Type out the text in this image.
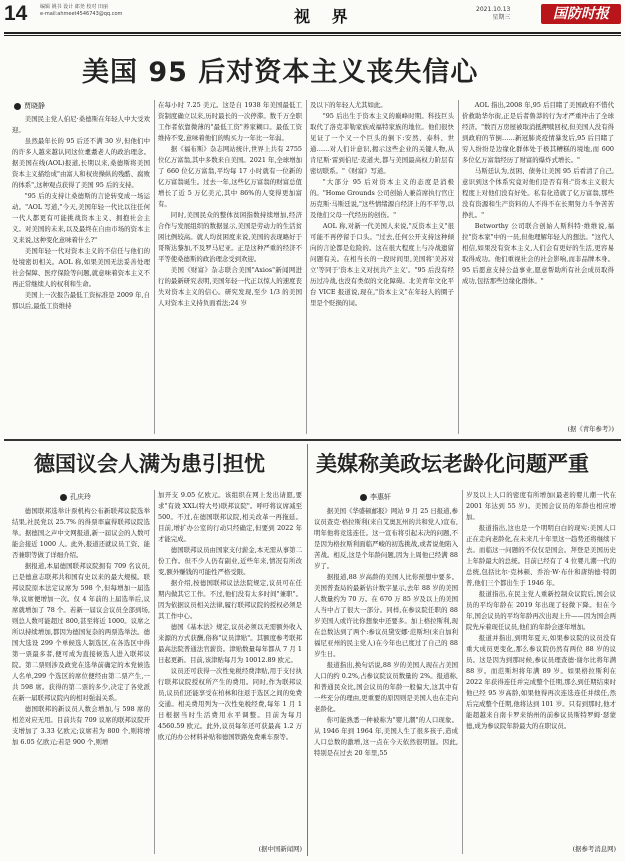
14	编辑 姚书 设计 郎尧 校对 田丽
e-mail:ahmeet4546743@qq.com	视 界	2021.10.13
星期三	国防时报
美国 95 后对资本主义丧失信心
贾晓静

美国民主党人伯尼·桑德斯在年轻人中大受欢迎。

虽然最年长的 95 后还不满 30 岁,但他们中的许多人越来越认同这位耄耋老人的政治理念。据美国在线(AOL)报道,长期以来,桑德斯将美国资本主义描绘成"由富人和权贵操纵的残酷、腐败的体系",这种观点获得了美国 95 后的支持。

"95 后的支持让桑德斯的言论转变成一场运动。"AOL 写道,"今天,美国年轻一代比以往任何一代人都更有可能挑战资本主义、拥抱社会主义。对美国的未来,以及最终在自由市场的资本主义来说,这种变化意味着什么?"

美国年轻一代对资本主义的不信任与他们的处境密切相关。AOL 称,如果美国无法妥善处理社会保障、医疗保险等问题,就意味着资本主义不再正常继续人的权利和生命。

美国上一次报告最低工资标准是 2009 年,自那以后,最低工资维持

在每小时 7.25 美元。这是自 1938 年美国最低工资制度确立以来,历时最长的一次停滞。数千万全职工作者依靠微薄的"最低工资"养家糊口。最低工资维持不变,意味着他们的购买力一年比一年弱。

据《福布斯》杂志网站统计,世界上共有 2755 位亿万富翁,其中多数来自美国。2021 年,全球增加了 660 位亿万富翁,平均每 17 小时就有一位新的亿万富翁诞生。过去一年,这些亿万富翁的财富总值增长了近 5 万亿美元,其中 86%的人变得更加富有。

同时,美国民众的整体贫困指数持续增加,经济合作与发展组织的数据显示,美国是劳动力的生活贫困比例较高。就人均贫困度来说,美国的表现略好于哥斯达黎加,不及罗马尼亚。正是这种严重的经济不平等使桑德斯的政治理念受到欢迎。

美国《财富》杂志联合美国"Axios"新闻网进行的最新研究表明,美国年轻一代正以惊人的速度丧失对资本主义的信心。研究发现,至少 1/3 的美国人对资本主义持负面看法;24 岁

及以下的年轻人尤其如此。

"95 后出生于资本主义的巅峰时期。科技巨头取代了洛克菲勒家族成福特家族的地位。他们很快见证了一个又一个巨头的倒下:安然、泰科、世通……对人们计意识,揭示这些企业的关键人物,从肯尼斯·雷到伯尼·麦道夫,都与美国最高权力阶层有密切联系。"《财富》写道。

"大部分 95 后对资本主义的态度是消极的。"Home Grounds 公司创始人兼首席执行官庄历克斯·马斯廷说,"这些情绪源自经济上的不平等,以及他们父母一代经历的创伤。"

AOL 称,对新一代美国人来说,"反资本主义"很可能不再停留于口头。"过去,任何公开支持这种倾向的言论都是危险的。这在很大程度上与冷战遗留问题有关。在相当长的一段时间里,美国将'美苏对立'等同于'资本主义对抗共产主义'。"95 后没有经历过冷战,也没有类似的文化障碍。北美青年文化平台 VICE 报道说,现在,"资本主义"在年轻人的圈子里是个贬损的词。

AOL 指出,2008 年,95 后目睹了美国政府不惜代价救助华尔街,正是后者鲁莽的行为才严重冲击了全球经济。"数百万房屋被取消抵押赎回权,但美国人没有得到政府的节倒……新冠肺炎疫情暴发后,95 后目睹了穷人纷纷是边缘化群体处于极其糟糕的境地,而 600 多位亿万富翁经历了财富的爆炸式增长。"

马斯廷认为,贫困、债务让美国 95 后看清了自己,意识到这个体系究竟对他们是否有利:"资本主义很大程度上对他们没有好处。私有化造就了亿万富翁,那些没有资源和生产资料的人不得不在长期努力斗争苦苦挣扎。"

Betworthy 公司联合创始人斯科特·维维说,福拉"资本家"中的一员,但他理解年轻人的想法。"这代人相信,如果没有资本主义,人们会有更好的生活,更容易取得成功。他们重视社会的社会影响,而非品牌本身。95 后愿意支持公益事业,愿意帮助所有社会成员取得成功,包括那些边缘化群体。"

(据《青年参考》)
德国议会人满为患引担忧
孔庆玲

德国联邦选举计票机构公布新联邦议院选举结果,社民党以 25.7% 的得票率赢得联邦议院选举。据德国之声中文网报道,新一届议会的人数可能会接近 1000 人。此外,报道还就议员工资、能否兼职等做了详细介绍。

据报道,本届德国联邦议院拥有 709 名议员,已是德意志联邦共和国有史以来的最大规模。联邦议院原本法定议席为 598 个,但每增加一届选举,议席便增加一次。仅 4 年前的上届选举后,议席就增加了 78 个。若新一届议会议员全部到场,则总人数可能超过 800,甚至将近 1000。议席之所以持续增加,都因为德国复杂的两票选举法。德国大选设 299 个单候选人制选区,在各选区中得第一票最多者,便可成为直接候选人进入联邦议院。第二票则涉及政党在选举前确定的本党候选人名单,299 个选区的席位便经由第二票产生,一共 598 席。获得的第二票的多少,决定了各党派在新一届联邦议院内的相对强弱关系。

德国联邦的新议员人数会增加,与 598 席的相差对应无用。目前共有 709 议席的联邦议院开支增加了 3.33 亿欧元;议席若为 800 个,则将增加 6.05 亿欧元;若是 900 个,则增

加开支 9.05 亿欧元。该组织在网上发出请愿,要求"有效 XXL(特大号)联邦议院"。呼吁将议席减至 500。不过,在德国联邦议院,相关改革一再拖延。目前,增扩办公室的行动只经确定,但要到 2022 年才能完成。

德国联邦议员由国家支付薪金,本无需从事第二份工作。但不少人仍有副业,近些年来,情况有所改变,额外赚钱的可能性严格受限。

据介绍,按德国联邦议法法院规定,议员可在任期内做其它工作。不过,他们没有太多时间"兼职"。因为依据议员相关法律,履行联邦议院的授权必须是其工作中心。

德国《基本法》规定,议员必须以无需额外收入来源的方式获酬,俗称"议员津贴"。其额度参考联邦最高法院普通法官薪资。津贴数量每年都从 7 月 1 日起更新。目前,该津贴每月为 10012.89 欧元。

议员还可获得一次性免税经费津贴,用于支付执行联邦议院授权所产生的费用。同时,作为联邦议员,议员们还能享受在柏林和往返于选区之间的免费交通。相关费用列为一次性免税经费,每年 1 月 1 日根据当时生活费用水平调整。目前为每月 4560.59 欧元。此外,议员每年还可获最高 1.2 万欧元的办公材料补贴和德国铁路免费乘车票等。

(据中国新闻网)
美媒称美政坛老龄化问题严重
李惠轩

据美国《华盛顿邮报》网站 9 月 25 日报道,参议员查克·格拉斯利(来自艾奥瓦州的共和党人)宣布,明年他将竞选连任。这一宣布将引起未决的问题,不是因为格拉斯利面临严峻的初选挑战,或者说他陷入苦战。相反,这是个年龄问题,因为上周他已经满 88 岁了。

据报道,88 岁高龄的美国人比你预想中要多。美国普查局的最新估计数字显示,去年 88 岁的美国人数量约为 70 万。在 670 万 85 岁及以上的美国人当中占了很大一部分。同样,在参议院任职的 88 岁美国人或许比你想象中还要多。加上格拉斯利,现在总数达到了两个:参议员黛安娜·范斯坦(来自加利福尼亚州的民主党人)在今年也已度过了自己的 88 岁生日。

报道指出,换句话说,88 岁的美国人现在占美国人口的约 0.2%,占参议院议员数量的 2%。报道称,和普通民众比,国会议员的年龄一般偏大,这其中有一些充分的理由,更重要的原因则是美国人也在走向老龄化。

你可能熟悉一种被称为"婴儿潮"的人口现象。从 1946 年到 1964 年,美国人生了很多孩子,造成人口总数的激增,这一点在今天依然很明显。因此,特别是在过去 20 年里,55

岁及以上人口的密度有所增加(最老的婴儿潮一代在 2001 年达到 55 岁)。美国会议员的年龄也相应增加。

报道指出,这也是一个明明白白的现实:美国人口正在走向老龄化,在未来几十年里这一趋势还将继续下去。而临这一问题的不仅仅是国会。拜登是美国历史上年龄最大的总统。目前已经有了 4 位婴儿潮一代的总统,包括比尔·克林顿、乔治·W·布什和唐纳德·特朗普,他们三个都出生于 1946 年。

报道指出,在民主党人重新控制众议院后,国会议员的平均年龄在 2019 年出现了轻微下降。但在今年,国会议员的平均年龄再次出现上升——因为国会两院先斥着现任议员,他们的年龄会逐年增加。

报道并指出,到明年夏天,如果参议院的议员没有重大成员更变化,那么参议院仍然有两位 88 岁的议员。这是因为到那时候,参议员理查德·谢尔比将年满 88 岁。而范斯坦将年满 89 岁。如果格拉斯利在 2022 年获得连任并完成整个任期,那么到任期结束时他已经 95 岁高龄,如果他得再次连选连任并续任,然后完成整个任期,他将达到 101 岁。只有到那时,他才能超越来自南卡罗来纳州的前参议员斯特罗姆·瑟蒙德,成为参议院年龄最大的在职议员。

(据参考消息网)
